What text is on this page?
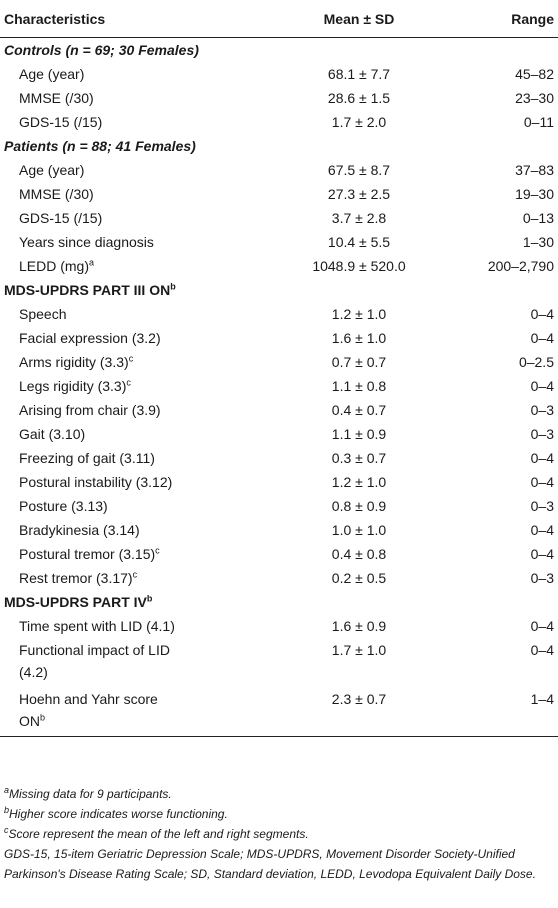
Characteristics	Mean ± SD	Range
Controls (n = 69; 30 Females)		
Age (year)	68.1 ± 7.7	45–82
MMSE (/30)	28.6 ± 1.5	23–30
GDS-15 (/15)	1.7 ± 2.0	0–11
Patients (n = 88; 41 Females)		
Age (year)	67.5 ± 8.7	37–83
MMSE (/30)	27.3 ± 2.5	19–30
GDS-15 (/15)	3.7 ± 2.8	0–13
Years since diagnosis	10.4 ± 5.5	1–30
LEDD (mg)$^a$	1048.9 ± 520.0	200–2,790
MDS-UPDRS PART III $ON^b$
Speech	1.2 ± 1.0	0–4
Facial expression (3.2)	1.6 ± 1.0	0–4
Arms rigidity $(3.3)^c$	0.7 ± 0.7	0–2.5
Legs rigidity $(3.3)^c$	1.1 ± 0.8	0–4
Arising from chair (3.9)	0.4 ± 0.7	0–3
Gait (3.10)	1.1 ± 0.9	0–3
Freezing of gait (3.11)	0.3 ± 0.7	0–4
Postural instability (3.12)	1.2 ± 1.0	0–4
Posture (3.13)	0.8 ± 0.9	0–3
Bradykinesia (3.14)	1.0 ± 1.0	0–4
Postural tremor $(3.15)^c$	0.4 ± 0.8	0–4
Rest tremor $(3.17)^c$	0.2 ± 0.5	0–3
MDS-UPDRS PART $IV^b$
Time spent with LID (4.1)	1.6 ± 0.9	0–4
Functional impact of LID
(4.2)	1.7 ± 1.0	0–4
Hoehn and Yahr score
$ON^b$	2.3 ± 0.7	1–4

$^a$Missing data for 9 participants.

$^b$Higher score indicates worse functioning.

$^c$Score represent the mean of the left and right segments.

GDS-15, 15-item Geriatric Depression Scale; MDS-UPDRS, Movement Disorder Society-Unified Parkinson's Disease Rating Scale; SD, Standard deviation, LEDD, Levodopa Equivalent Daily Dose.
